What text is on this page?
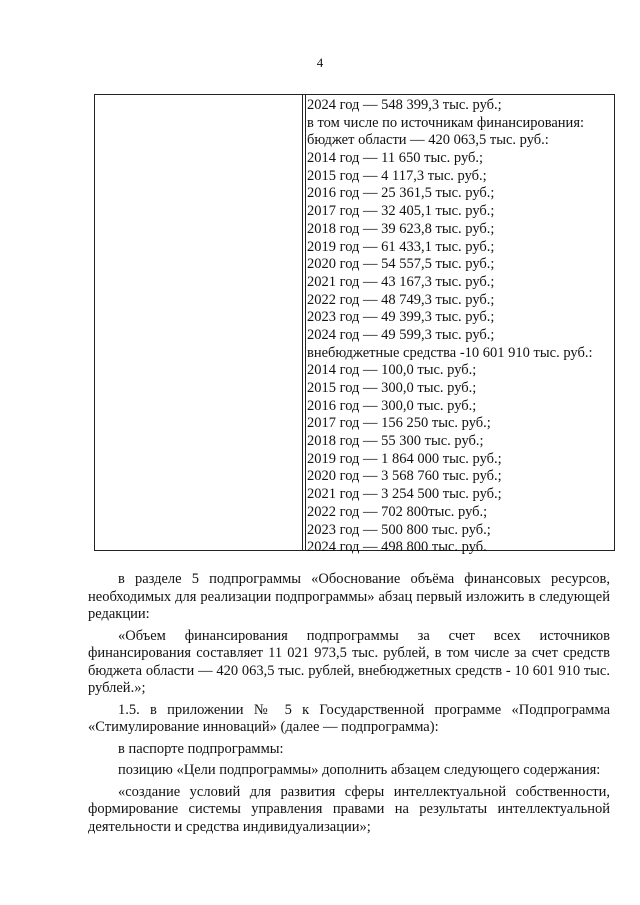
4
2024 год — 548 399,3 тыс. руб.;
в том числе по источникам финансирования:
бюджет области — 420 063,5 тыс. руб.:
2014 год — 11 650 тыс. руб.;
2015 год — 4 117,3 тыс. руб.;
2016 год — 25 361,5 тыс. руб.;
2017 год — 32 405,1 тыс. руб.;
2018 год — 39 623,8 тыс. руб.;
2019 год — 61 433,1 тыс. руб.;
2020 год — 54 557,5 тыс. руб.;
2021 год — 43 167,3 тыс. руб.;
2022 год — 48 749,3 тыс. руб.;
2023 год — 49 399,3 тыс. руб.;
2024 год — 49 599,3 тыс. руб.;
внебюджетные средства -10 601 910 тыс. руб.:
2014 год — 100,0 тыс. руб.;
2015 год — 300,0 тыс. руб.;
2016 год — 300,0 тыс. руб.;
2017 год — 156 250 тыс. руб.;
2018 год — 55 300 тыс. руб.;
2019 год — 1 864 000 тыс. руб.;
2020 год — 3 568 760 тыс. руб.;
2021 год — 3 254 500 тыс. руб.;
2022 год — 702 800тыс. руб.;
2023 год — 500 800 тыс. руб.;
2024 год — 498 800 тыс. руб.

в разделе 5 подпрограммы «Обоснование объёма финансовых ресурсов, необходимых для реализации подпрограммы» абзац первый изложить в следующей редакции:

«Объем финансирования подпрограммы за счет всех источников финансирования составляет 11 021 973,5 тыс. рублей, в том числе за счет средств бюджета области — 420 063,5 тыс. рублей, внебюджетных средств - 10 601 910 тыс. рублей.»;

1.5. в приложении № 5 к Государственной программе «Подпрограмма «Стимулирование инноваций» (далее — подпрограмма):

в паспорте подпрограммы:

позицию «Цели подпрограммы» дополнить абзацем следующего содержания:

«создание условий для развития сферы интеллектуальной собственности, формирование системы управления правами на результаты интеллектуальной деятельности и средства индивидуализации»;
